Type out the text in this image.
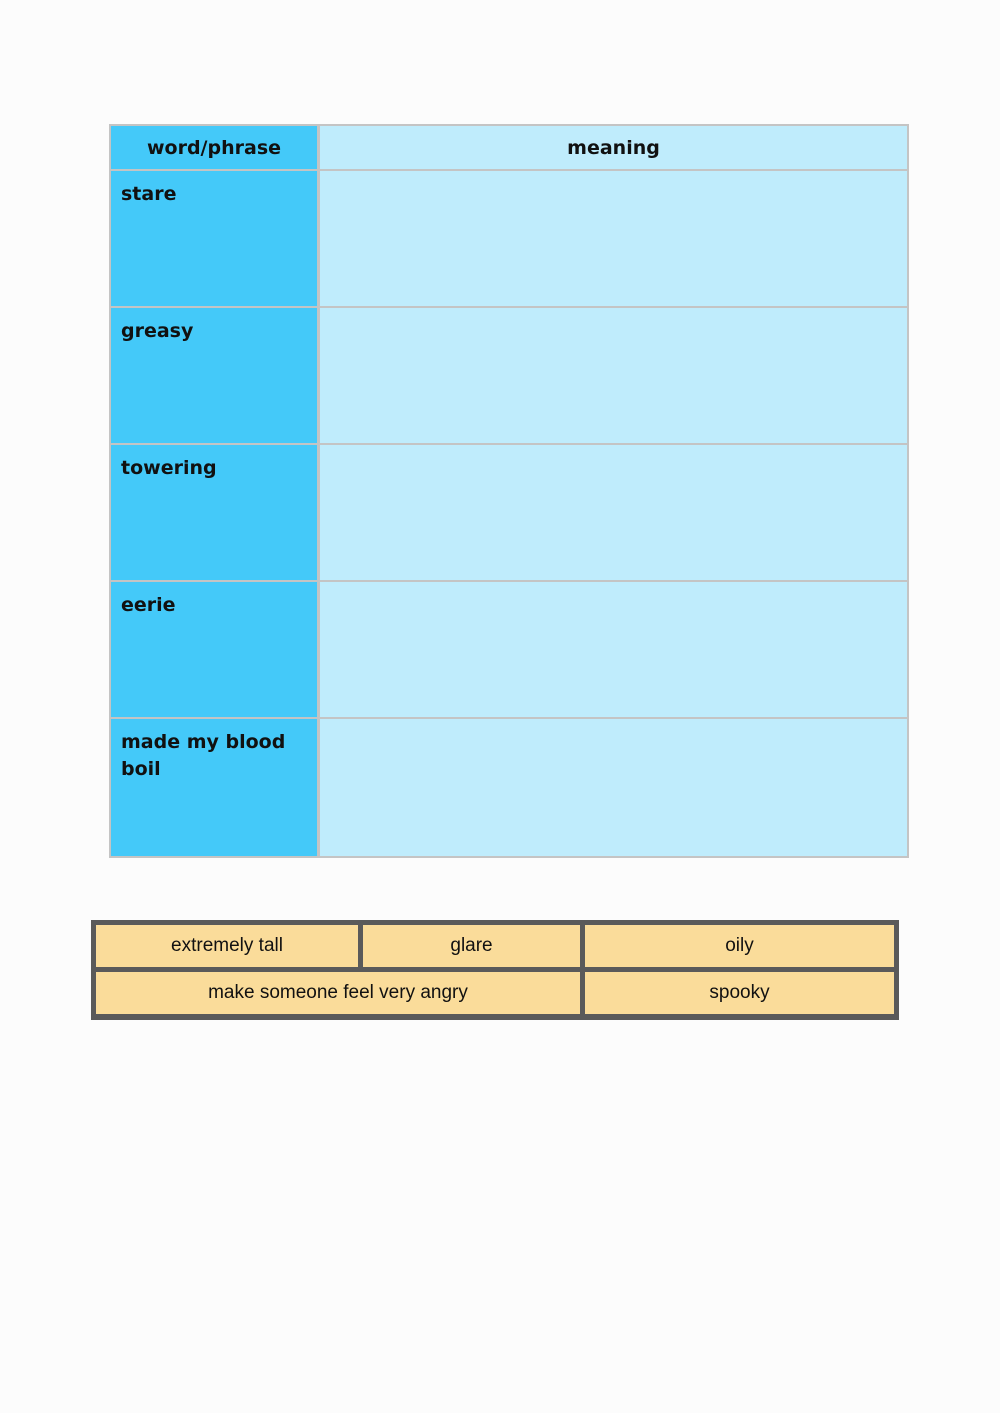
word/phrase	meaning
stare
greasy
towering
eerie
made my blood boil
extremely tall	glare	oily
make someone feel very angry	spooky
